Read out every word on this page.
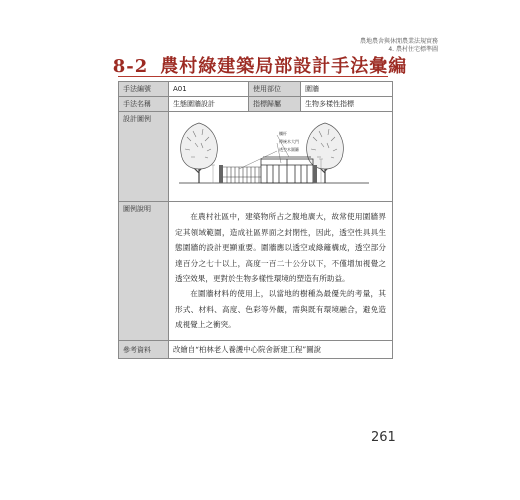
農地農舍與休閒農業法規實務
4. 農村住宅標準圖
8-2 農村綠建築局部設計手法彙編
手法編號	A01	使用部位	圍牆
手法名稱	生態圍牆設計	指標歸屬	生物多樣性指標
設計圖例	欄杆
傳統木大門
透空木圍籬		

圖例說明	在農村社區中，建築物所占之腹地廣大，故常使用圍牆界定其領域範圍，造成社區界面之封閉性，因此，透空性具具生態圍牆的設計更顯重要。圍牆應以透空或綠籬構成，透空部分達百分之七十以上，高度一百二十公分以下，不僅增加視覺之透空效果，更對於生物多樣性環境的塑造有所助益。

在圍牆材料的使用上，以當地的樹種為最優先的考量，其形式、材料、高度、色彩等外觀，需與既有環境融合，避免造成視覺上之衝突。		

參考資料	改繪自“柏林老人養護中心院舍新建工程”圖說		
261
